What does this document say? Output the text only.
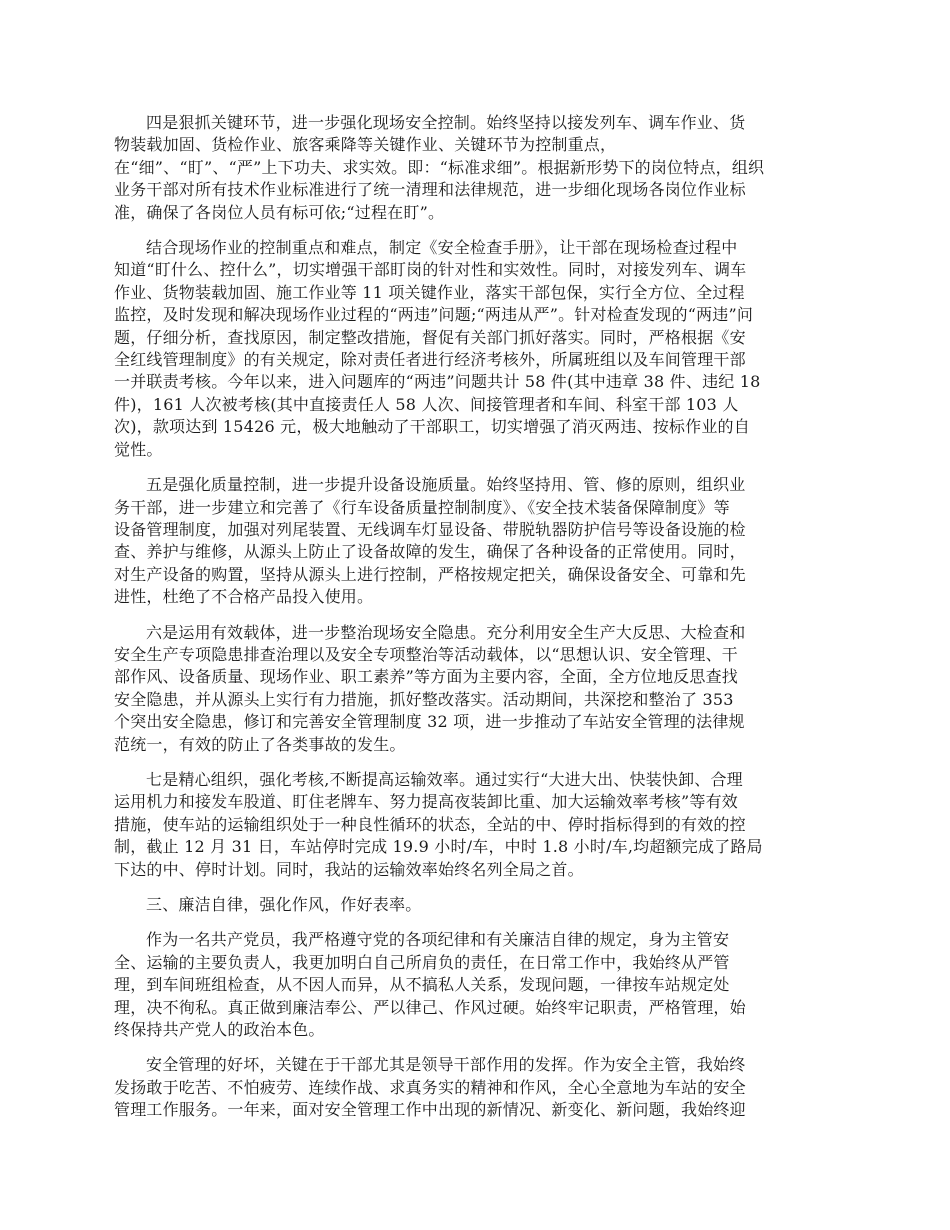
四是狠抓关键环节，进一步强化现场安全控制。始终坚持以接发列车、调车作业、货
物装载加固、货检作业、旅客乘降等关键作业、关键环节为控制重点，
在“细”、“盯”、“严”上下功夫、求实效。即：“标准求细”。根据新形势下的岗位特点，组织
业务干部对所有技术作业标准进行了统一清理和法律规范，进一步细化现场各岗位作业标
准，确保了各岗位人员有标可依;“过程在盯”。
结合现场作业的控制重点和难点，制定《安全检查手册》，让干部在现场检查过程中
知道“盯什么、控什么”，切实增强干部盯岗的针对性和实效性。同时，对接发列车、调车
作业、货物装载加固、施工作业等 11 项关键作业，落实干部包保，实行全方位、全过程
监控，及时发现和解决现场作业过程的“两违”问题;“两违从严”。针对检查发现的“两违”问
题，仔细分析，查找原因，制定整改措施，督促有关部门抓好落实。同时，严格根据《安
全红线管理制度》的有关规定，除对责任者进行经济考核外，所属班组以及车间管理干部
一并联责考核。今年以来，进入问题库的“两违”问题共计 58 件(其中违章 38 件、违纪 18
件)，161 人次被考核(其中直接责任人 58 人次、间接管理者和车间、科室干部 103 人
次)，款项达到 15426 元，极大地触动了干部职工，切实增强了消灭两违、按标作业的自
觉性。
五是强化质量控制，进一步提升设备设施质量。始终坚持用、管、修的原则，组织业
务干部，进一步建立和完善了《行车设备质量控制制度》、《安全技术装备保障制度》等
设备管理制度，加强对列尾装置、无线调车灯显设备、带脱轨器防护信号等设备设施的检
查、养护与维修，从源头上防止了设备故障的发生，确保了各种设备的正常使用。同时，
对生产设备的购置，坚持从源头上进行控制，严格按规定把关，确保设备安全、可靠和先
进性，杜绝了不合格产品投入使用。
六是运用有效载体，进一步整治现场安全隐患。充分利用安全生产大反思、大检查和
安全生产专项隐患排查治理以及安全专项整治等活动载体，以“思想认识、安全管理、干
部作风、设备质量、现场作业、职工素养”等方面为主要内容，全面，全方位地反思查找
安全隐患，并从源头上实行有力措施，抓好整改落实。活动期间，共深挖和整治了 353
个突出安全隐患，修订和完善安全管理制度 32 项，进一步推动了车站安全管理的法律规
范统一，有效的防止了各类事故的发生。
七是精心组织，强化考核,不断提高运输效率。通过实行“大进大出、快装快卸、合理
运用机力和接发车股道、盯住老牌车、努力提高夜装卸比重、加大运输效率考核”等有效
措施，使车站的运输组织处于一种良性循环的状态，全站的中、停时指标得到的有效的控
制，截止 12 月 31 日，车站停时完成 19.9 小时/车，中时 1.8 小时/车,均超额完成了路局
下达的中、停时计划。同时，我站的运输效率始终名列全局之首。
三、廉洁自律，强化作风，作好表率。
作为一名共产党员，我严格遵守党的各项纪律和有关廉洁自律的规定，身为主管安
全、运输的主要负责人，我更加明白自己所肩负的责任，在日常工作中，我始终从严管
理，到车间班组检查，从不因人而异，从不搞私人关系，发现问题，一律按车站规定处
理，决不徇私。真正做到廉洁奉公、严以律己、作风过硬。始终牢记职责，严格管理，始
终保持共产党人的政治本色。
安全管理的好坏，关键在于干部尤其是领导干部作用的发挥。作为安全主管，我始终
发扬敢于吃苦、不怕疲劳、连续作战、求真务实的精神和作风，全心全意地为车站的安全
管理工作服务。一年来，面对安全管理工作中出现的新情况、新变化、新问题，我始终迎
